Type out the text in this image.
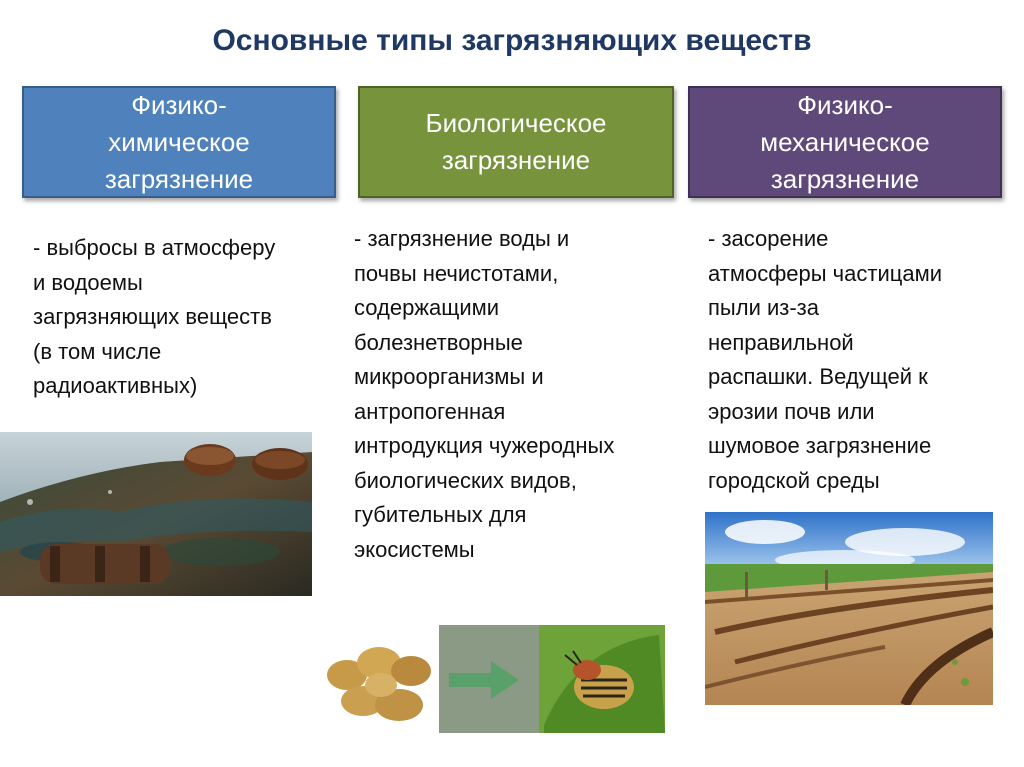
Основные типы загрязняющих веществ
Физико-
химическое
загрязнение
Биологическое
загрязнение
Физико-
механическое
загрязнение
- выбросы в атмосферу
и водоемы
загрязняющих веществ
(в том числе
радиоактивных)
- загрязнение воды и
почвы нечистотами,
содержащими
болезнетворные
микроорганизмы и
антропогенная
интродукция чужеродных
биологических видов,
губительных для
экосистемы
- засорение
атмосферы частицами
пыли из-за
неправильной
распашки. Ведущей к
эрозии почв или
шумовое загрязнение
городской среды
